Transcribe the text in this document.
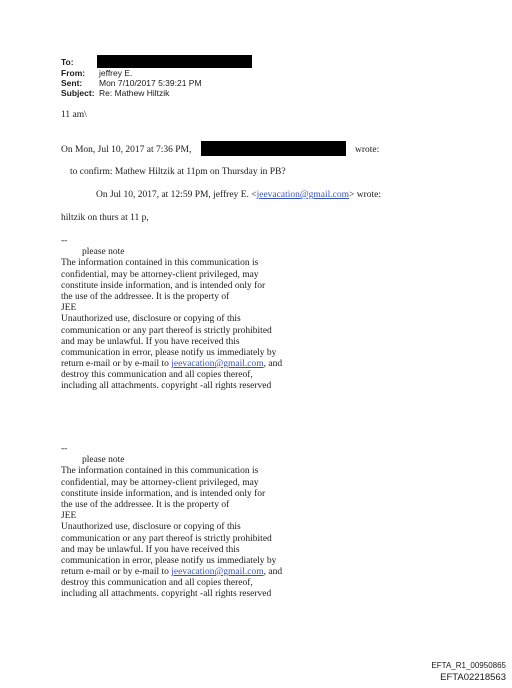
To:
From: jeffrey E.
Sent: Mon 7/10/2017 5:39:21 PM
Subject: Re: Mathew Hiltzik
11 am\
On Mon, Jul 10, 2017 at 7:36 PM,	wrote:
to confirm: Mathew Hiltzik at 11pm on Thursday in PB?
On Jul 10, 2017, at 12:59 PM, jeffrey E. <jeevacation@gmail.com> wrote:
hiltzik on thurs at 11 p,
--
please note
The information contained in this communication is
confidential, may be attorney-client privileged, may
constitute inside information, and is intended only for
the use of the addressee. It is the property of
JEE
Unauthorized use, disclosure or copying of this
communication or any part thereof is strictly prohibited
and may be unlawful. If you have received this
communication in error, please notify us immediately by
return e-mail or by e-mail to jeevacation@gmail.com, and
destroy this communication and all copies thereof,
including all attachments. copyright -all rights reserved
--
please note
The information contained in this communication is
confidential, may be attorney-client privileged, may
constitute inside information, and is intended only for
the use of the addressee. It is the property of
JEE
Unauthorized use, disclosure or copying of this
communication or any part thereof is strictly prohibited
and may be unlawful. If you have received this
communication in error, please notify us immediately by
return e-mail or by e-mail to jeevacation@gmail.com, and
destroy this communication and all copies thereof,
including all attachments. copyright -all rights reserved
EFTA_R1_00950865
EFTA02218563
